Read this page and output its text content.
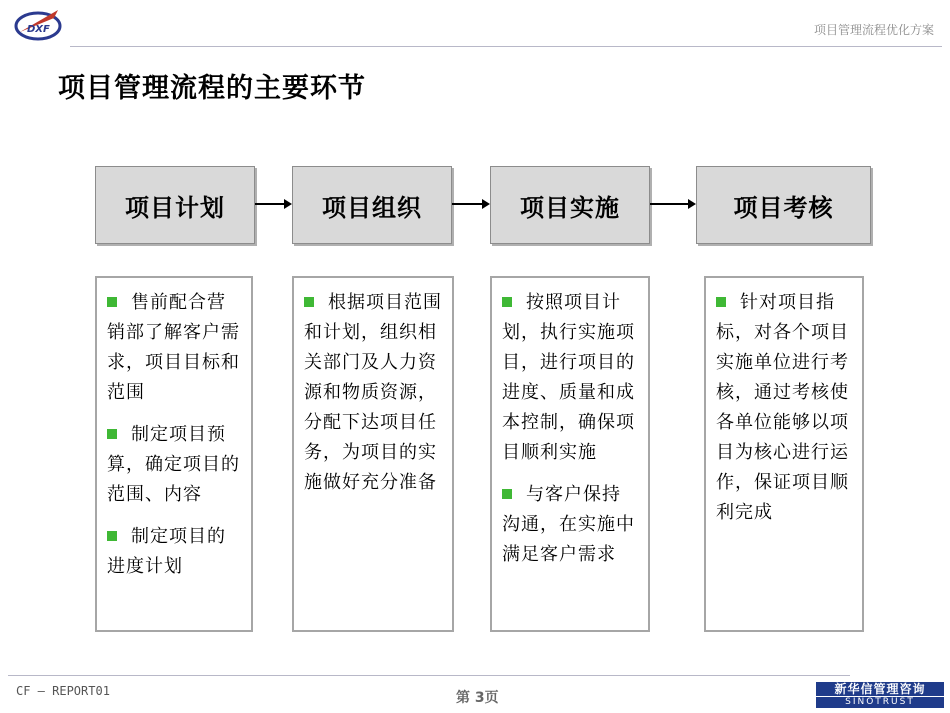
DXF	项目管理流程优化方案
项目管理流程的主要环节
项目计划	项目组织	项目实施	项目考核
售前配合营销部了解客户需求，项目目标和范围
制定项目预算，确定项目的范围、内容
制定项目的进度计划
根据项目范围和计划，组织相关部门及人力资源和物质资源，分配下达项目任务，为项目的实施做好充分准备
按照项目计划，执行实施项目，进行项目的进度、质量和成本控制，确保项目顺利实施
与客户保持沟通，在实施中满足客户需求
针对项目指标，对各个项目实施单位进行考核，通过考核使各单位能够以项目为核心进行运作，保证项目顺利完成
CF — REPORT01	第 3页
新华信管理咨询
SINOTRUST
